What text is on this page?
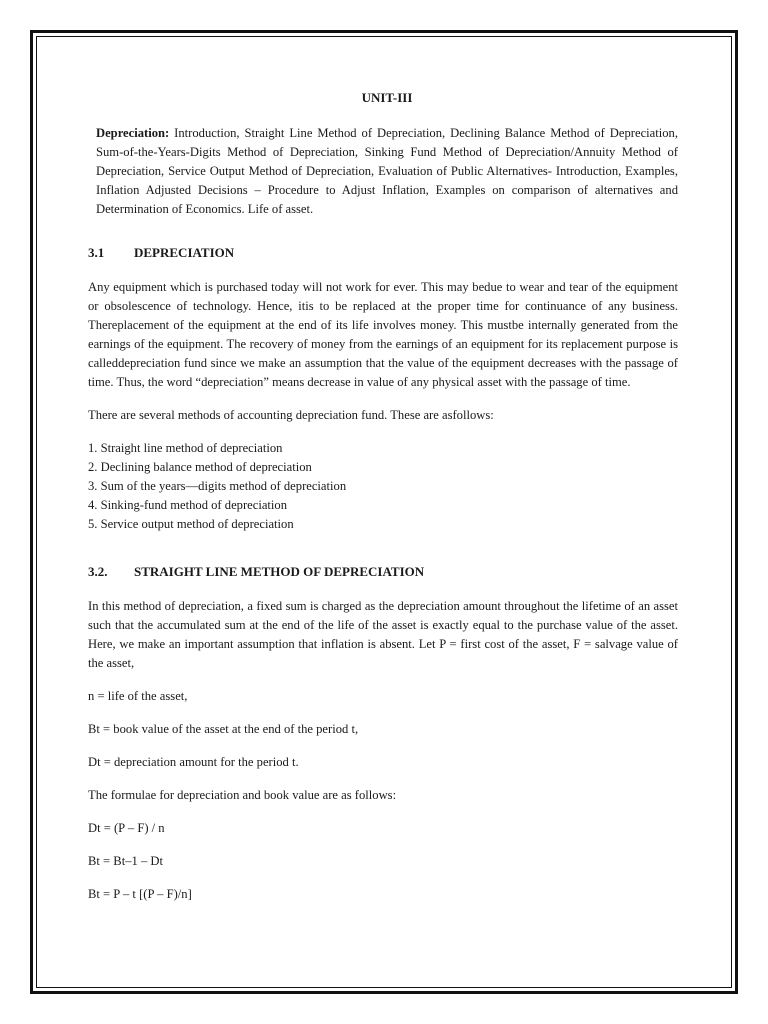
UNIT-III

Depreciation: Introduction, Straight Line Method of Depreciation, Declining Balance Method of Depreciation, Sum-of-the-Years-Digits Method of Depreciation, Sinking Fund Method of Depreciation/Annuity Method of Depreciation, Service Output Method of Depreciation, Evaluation of Public Alternatives- Introduction, Examples, Inflation Adjusted Decisions – Procedure to Adjust Inflation, Examples on comparison of alternatives and Determination of Economics. Life of asset.

3.1	DEPRECIATION

Any equipment which is purchased today will not work for ever. This may bedue to wear and tear of the equipment or obsolescence of technology. Hence, itis to be replaced at the proper time for continuance of any business. Thereplacement of the equipment at the end of its life involves money. This mustbe internally generated from the earnings of the equipment. The recovery of money from the earnings of an equipment for its replacement purpose is calleddepreciation fund since we make an assumption that the value of the equipment decreases with the passage of time. Thus, the word “depreciation” means decrease in value of any physical asset with the passage of time.

There are several methods of accounting depreciation fund. These are asfollows:

1. Straight line method of depreciation
2. Declining balance method of depreciation
3. Sum of the years—digits method of depreciation
4. Sinking-fund method of depreciation
5. Service output method of depreciation
3.2.	STRAIGHT LINE METHOD OF DEPRECIATION

In this method of depreciation, a fixed sum is charged as the depreciation amount throughout the lifetime of an asset such that the accumulated sum at the end of the life of the asset is exactly equal to the purchase value of the asset. Here, we make an important assumption that inflation is absent. Let P = first cost of the asset, F = salvage value of the asset,

n = life of the asset,

Bt = book value of the asset at the end of the period t,

Dt = depreciation amount for the period t.

The formulae for depreciation and book value are as follows:

Dt = (P – F) / n

Bt = Bt–1 – Dt

Bt = P – t [(P – F)/n]
